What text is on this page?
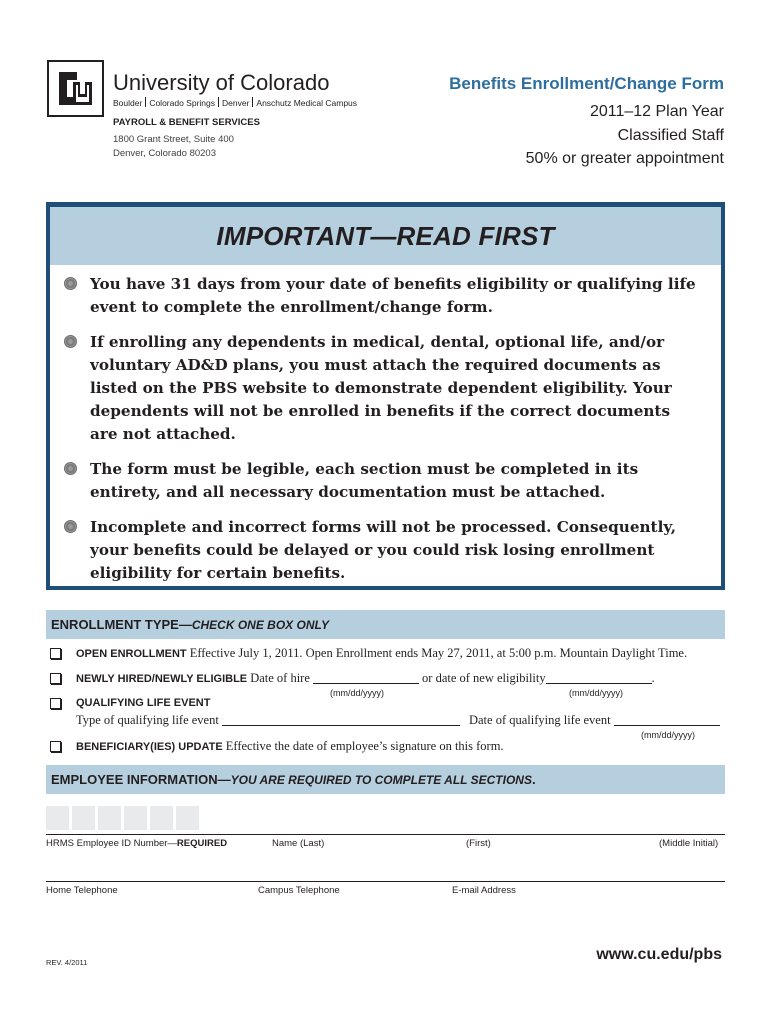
University of Colorado
Boulder Colorado Springs Denver Anschutz Medical Campus
PAYROLL & BENEFIT SERVICES
1800 Grant Street, Suite 400
Denver, Colorado 80203
Benefits Enrollment/Change Form
2011–12 Plan Year
Classified Staff
50% or greater appointment
IMPORTANT—READ FIRST
You have 31 days from your date of benefits eligibility or qualifying life event to complete the enrollment/change form.
If enrolling any dependents in medical, dental, optional life, and/or voluntary AD&D plans, you must attach the required documents as listed on the PBS website to demonstrate dependent eligibility. Your dependents will not be enrolled in benefits if the correct documents are not attached.
The form must be legible, each section must be completed in its entirety, and all necessary documentation must be attached.
Incomplete and incorrect forms will not be processed. Consequently, your benefits could be delayed or you could risk losing enrollment eligibility for certain benefits.
ENROLLMENT TYPE— CHECK ONE BOX ONLY
OPEN ENROLLMENT Effective July 1, 2011. Open Enrollment ends May 27, 2011, at 5:00 p.m. Mountain Daylight Time.
NEWLY HIRED/NEWLY ELIGIBLE Date of hire	or date of new eligibility	.
(mm/dd/yyyy)	(mm/dd/yyyy)
QUALIFYING LIFE EVENT
Type of qualifying life event	Date of qualifying life event
(mm/dd/yyyy)
BENEFICIARY(IES) UPDATE Effective the date of employee’s signature on this form.
EMPLOYEE INFORMATION— YOU ARE REQUIRED TO COMPLETE ALL SECTIONS .
HRMS Employee ID Number—REQUIRED	Name (Last)	(First)	(Middle Initial)
Home Telephone	Campus Telephone	E-mail Address
REV. 4/2011	www.cu.edu/pbs
